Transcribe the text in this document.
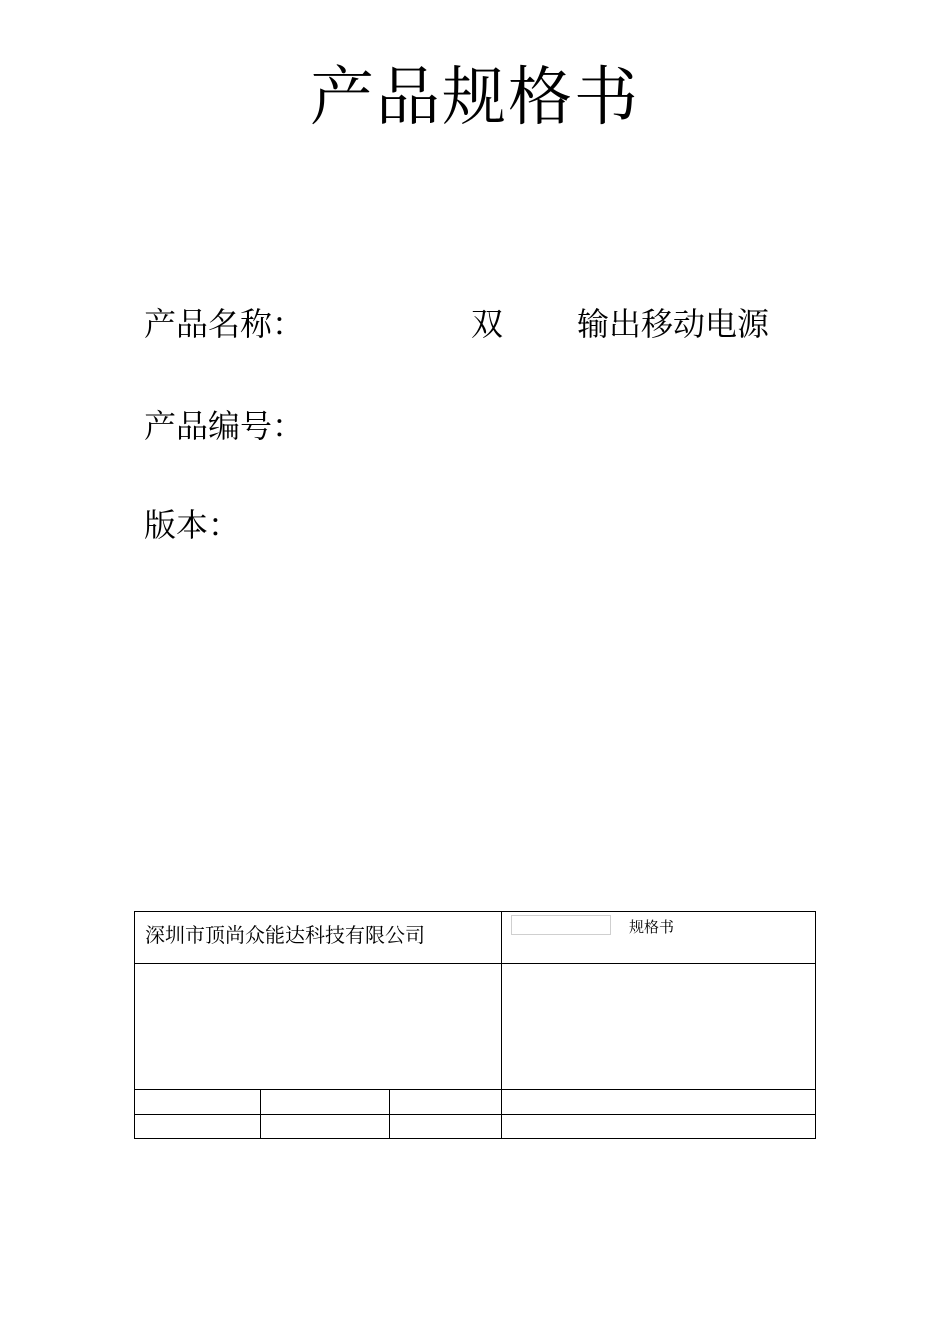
产品规格书
产品名称：	双 输出移动电源
产品编号：
版本：
深圳市顶尚众能达科技有限公司	规格书
